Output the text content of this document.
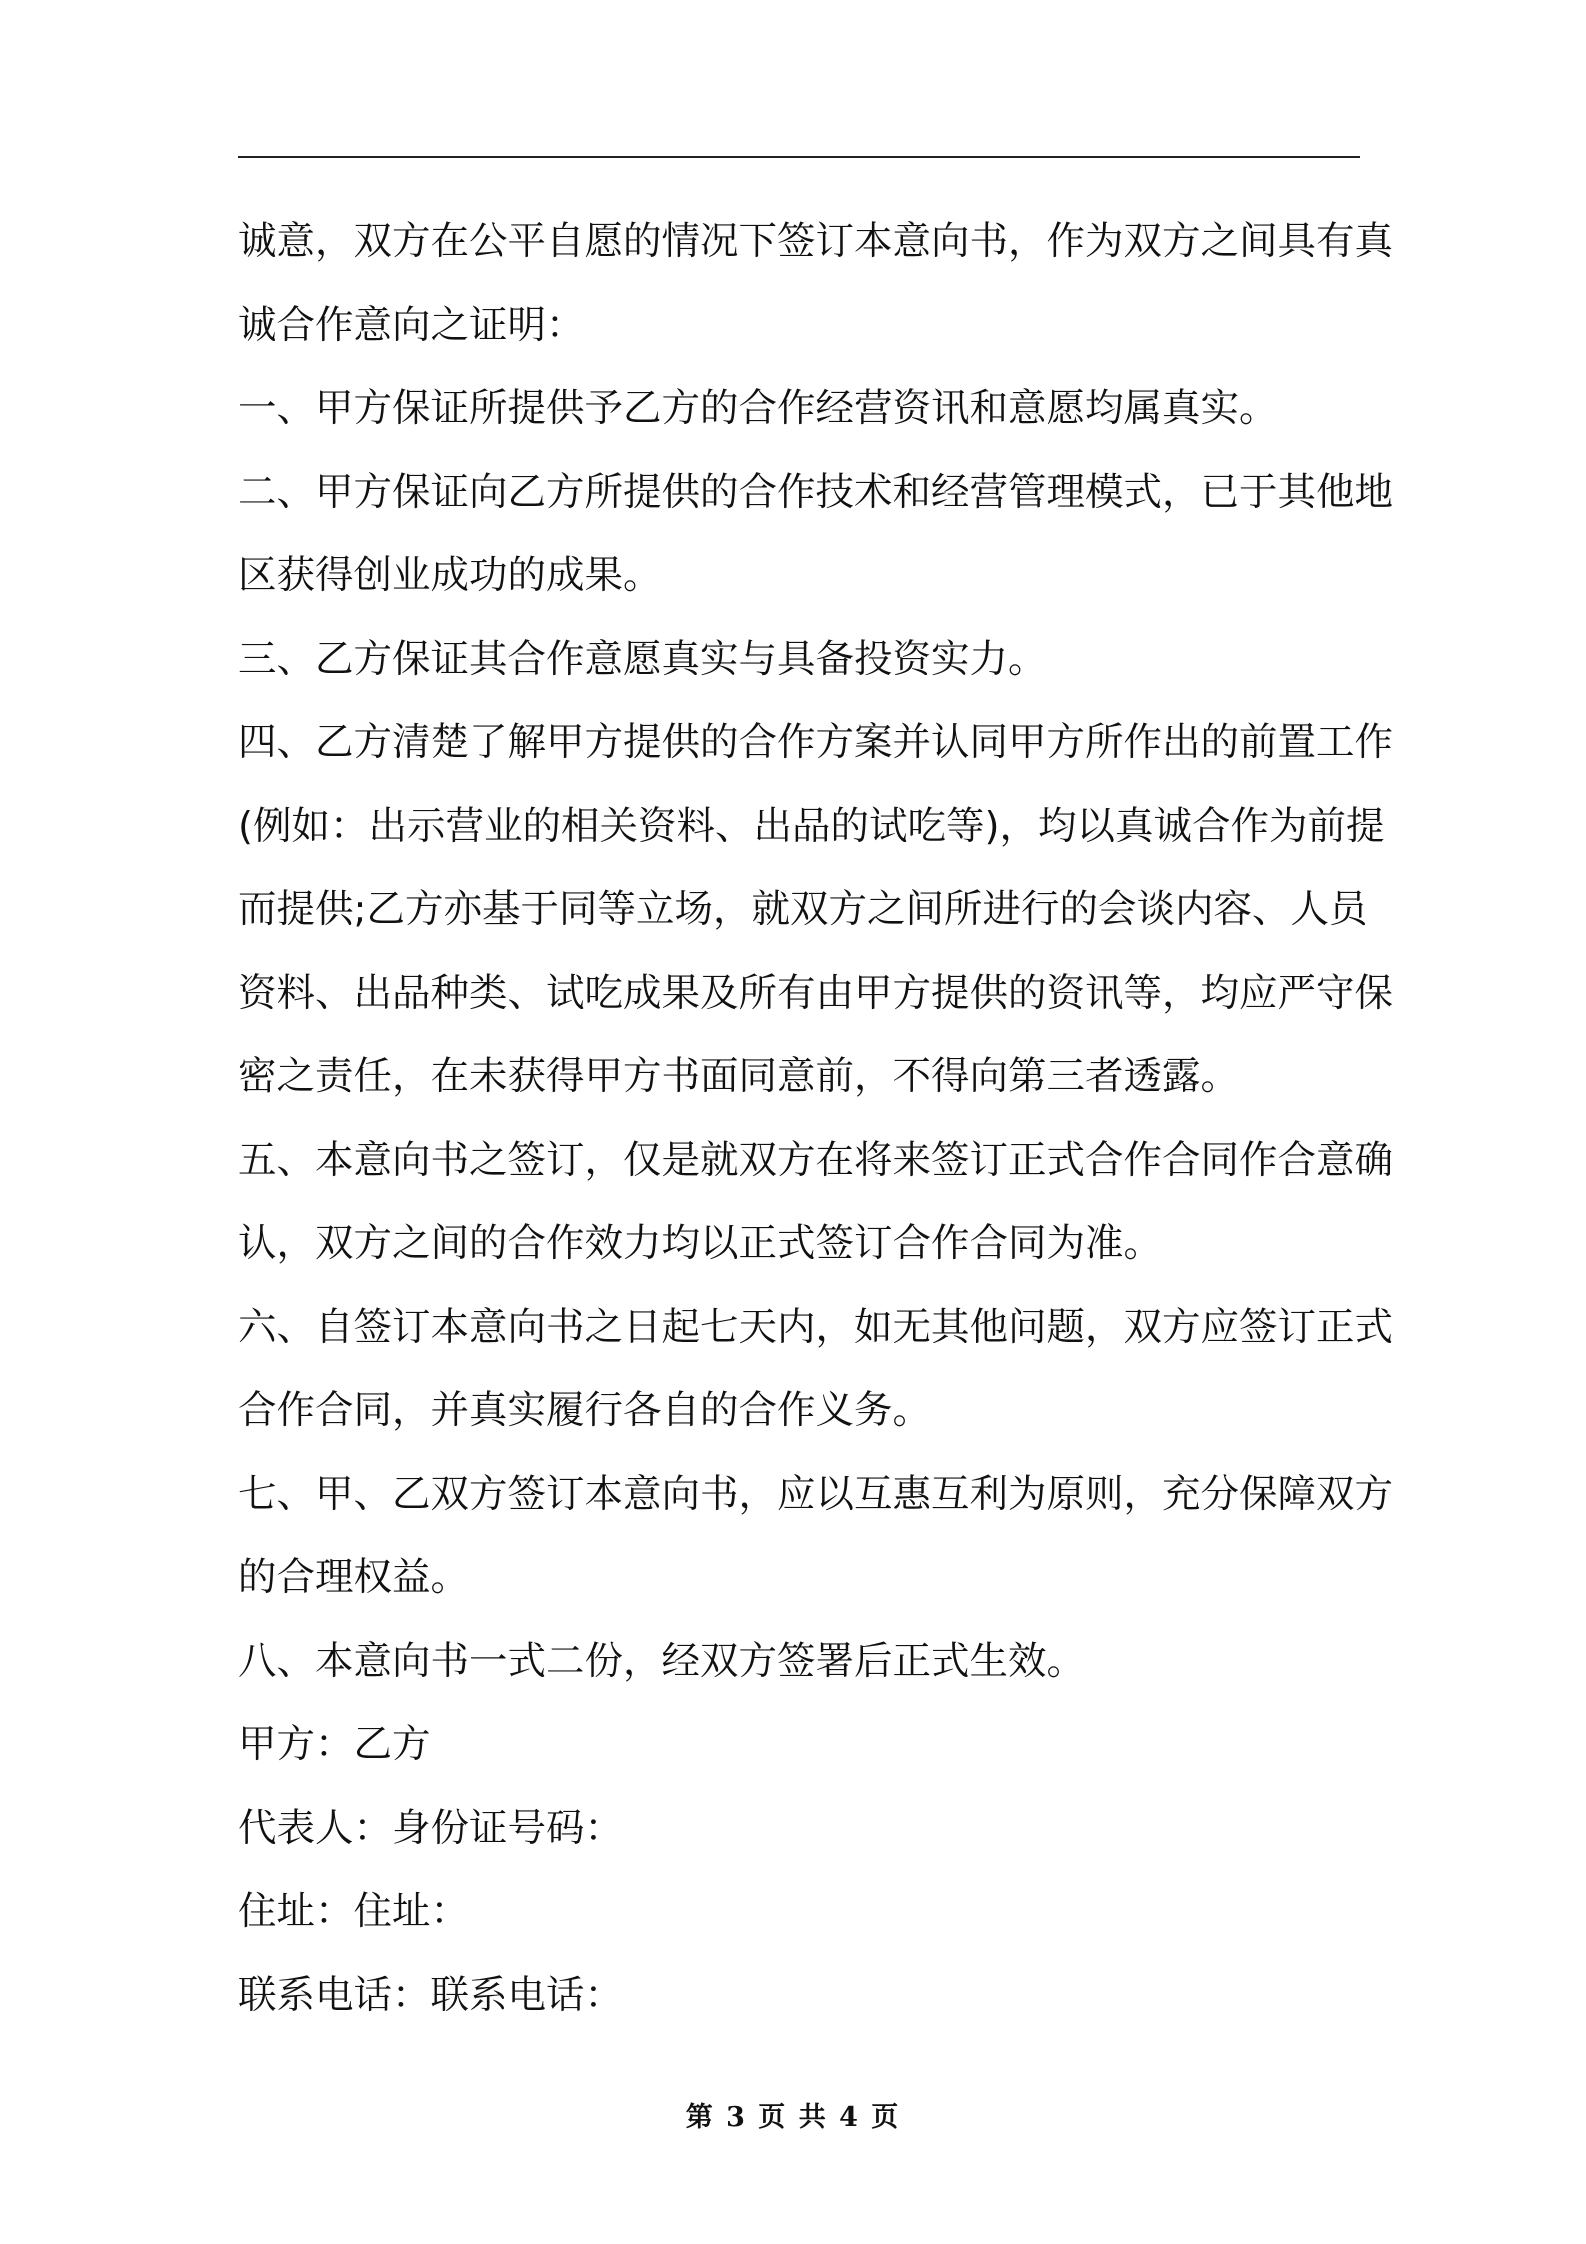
诚意，双方在公平自愿的情况下签订本意向书，作为双方之间具有真

诚合作意向之证明：

一、甲方保证所提供予乙方的合作经营资讯和意愿均属真实。

二、甲方保证向乙方所提供的合作技术和经营管理模式，已于其他地

区获得创业成功的成果。

三、乙方保证其合作意愿真实与具备投资实力。

四、乙方清楚了解甲方提供的合作方案并认同甲方所作出的前置工作

(例如：出示营业的相关资料、出品的试吃等)，均以真诚合作为前提

而提供;乙方亦基于同等立场，就双方之间所进行的会谈内容、人员

资料、出品种类、试吃成果及所有由甲方提供的资讯等，均应严守保

密之责任，在未获得甲方书面同意前，不得向第三者透露。

五、本意向书之签订，仅是就双方在将来签订正式合作合同作合意确

认，双方之间的合作效力均以正式签订合作合同为准。

六、自签订本意向书之日起七天内，如无其他问题，双方应签订正式

合作合同，并真实履行各自的合作义务。

七、甲、乙双方签订本意向书，应以互惠互利为原则，充分保障双方

的合理权益。

八、本意向书一式二份，经双方签署后正式生效。

甲方：乙方

代表人：身份证号码：

住址：住址：

联系电话：联系电话：

第 3 页 共 4 页
